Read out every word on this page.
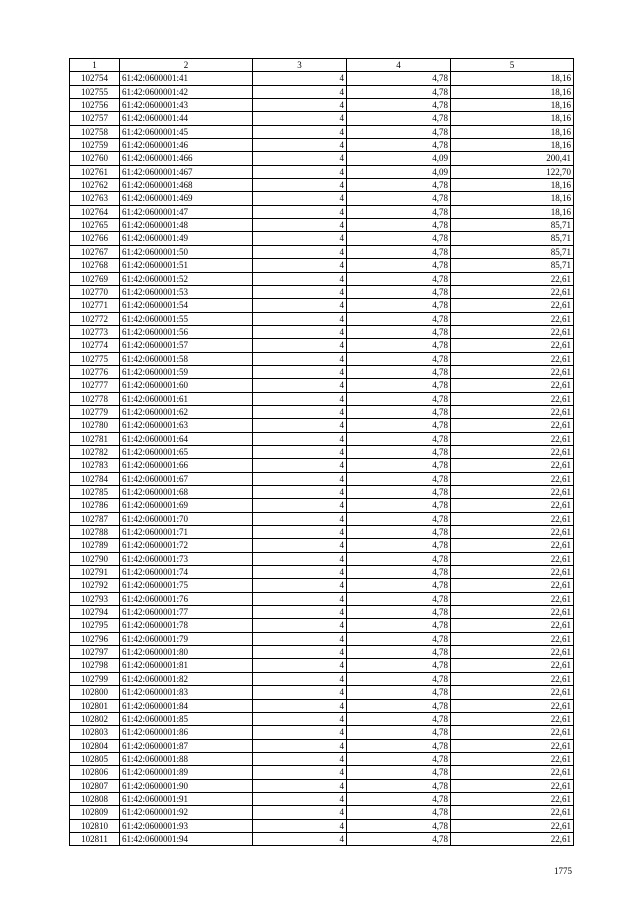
1	2	3	4	5
102754	61:42:0600001:41	4	4,78	18,16
102755	61:42:0600001:42	4	4,78	18,16
102756	61:42:0600001:43	4	4,78	18,16
102757	61:42:0600001:44	4	4,78	18,16
102758	61:42:0600001:45	4	4,78	18,16
102759	61:42:0600001:46	4	4,78	18,16
102760	61:42:0600001:466	4	4,09	200,41
102761	61:42:0600001:467	4	4,09	122,70
102762	61:42:0600001:468	4	4,78	18,16
102763	61:42:0600001:469	4	4,78	18,16
102764	61:42:0600001:47	4	4,78	18,16
102765	61:42:0600001:48	4	4,78	85,71
102766	61:42:0600001:49	4	4,78	85,71
102767	61:42:0600001:50	4	4,78	85,71
102768	61:42:0600001:51	4	4,78	85,71
102769	61:42:0600001:52	4	4,78	22,61
102770	61:42:0600001:53	4	4,78	22,61
102771	61:42:0600001:54	4	4,78	22,61
102772	61:42:0600001:55	4	4,78	22,61
102773	61:42:0600001:56	4	4,78	22,61
102774	61:42:0600001:57	4	4,78	22,61
102775	61:42:0600001:58	4	4,78	22,61
102776	61:42:0600001:59	4	4,78	22,61
102777	61:42:0600001:60	4	4,78	22,61
102778	61:42:0600001:61	4	4,78	22,61
102779	61:42:0600001:62	4	4,78	22,61
102780	61:42:0600001:63	4	4,78	22,61
102781	61:42:0600001:64	4	4,78	22,61
102782	61:42:0600001:65	4	4,78	22,61
102783	61:42:0600001:66	4	4,78	22,61
102784	61:42:0600001:67	4	4,78	22,61
102785	61:42:0600001:68	4	4,78	22,61
102786	61:42:0600001:69	4	4,78	22,61
102787	61:42:0600001:70	4	4,78	22,61
102788	61:42:0600001:71	4	4,78	22,61
102789	61:42:0600001:72	4	4,78	22,61
102790	61:42:0600001:73	4	4,78	22,61
102791	61:42:0600001:74	4	4,78	22,61
102792	61:42:0600001:75	4	4,78	22,61
102793	61:42:0600001:76	4	4,78	22,61
102794	61:42:0600001:77	4	4,78	22,61
102795	61:42:0600001:78	4	4,78	22,61
102796	61:42:0600001:79	4	4,78	22,61
102797	61:42:0600001:80	4	4,78	22,61
102798	61:42:0600001:81	4	4,78	22,61
102799	61:42:0600001:82	4	4,78	22,61
102800	61:42:0600001:83	4	4,78	22,61
102801	61:42:0600001:84	4	4,78	22,61
102802	61:42:0600001:85	4	4,78	22,61
102803	61:42:0600001:86	4	4,78	22,61
102804	61:42:0600001:87	4	4,78	22,61
102805	61:42:0600001:88	4	4,78	22,61
102806	61:42:0600001:89	4	4,78	22,61
102807	61:42:0600001:90	4	4,78	22,61
102808	61:42:0600001:91	4	4,78	22,61
102809	61:42:0600001:92	4	4,78	22,61
102810	61:42:0600001:93	4	4,78	22,61
102811	61:42:0600001:94	4	4,78	22,61
1775
